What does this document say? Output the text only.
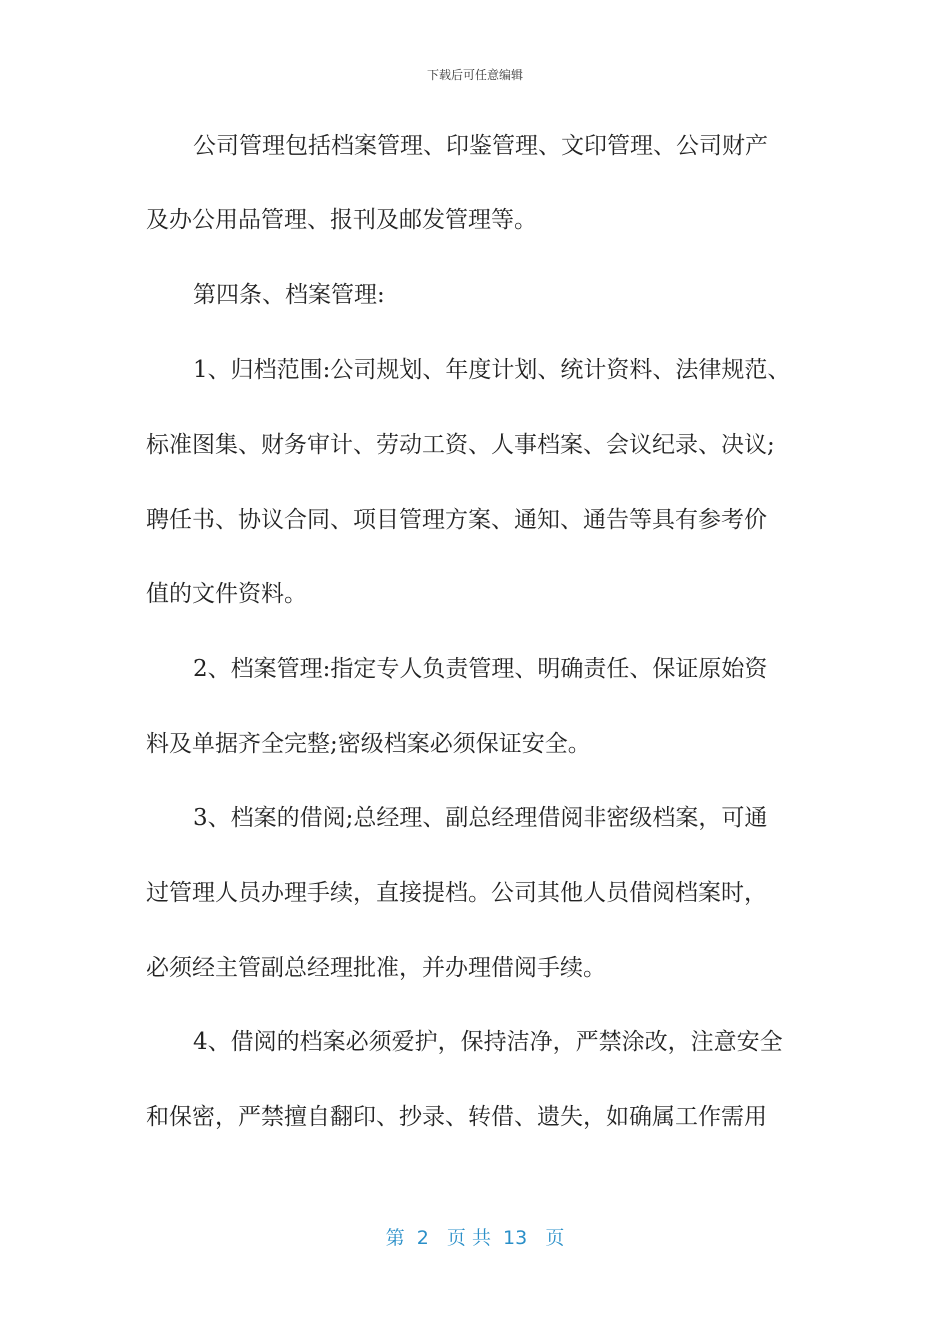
下载后可任意编辑
公司管理包括档案管理、印鉴管理、文印管理、公司财产
及办公用品管理、报刊及邮发管理等。
第四条、档案管理:
1、归档范围:公司规划、年度计划、统计资料、法律规范、
标准图集、财务审计、劳动工资、人事档案、会议纪录、决议;
聘任书、协议合同、项目管理方案、通知、通告等具有参考价
值的文件资料。
2、档案管理:指定专人负责管理、明确责任、保证原始资
料及单据齐全完整;密级档案必须保证安全。
3、档案的借阅;总经理、副总经理借阅非密级档案，可通
过管理人员办理手续，直接提档。公司其他人员借阅档案时，
必须经主管副总经理批准，并办理借阅手续。
4、借阅的档案必须爱护，保持洁净，严禁涂改，注意安全
和保密，严禁擅自翻印、抄录、转借、遗失，如确属工作需用
第  2   页 共  13   页
